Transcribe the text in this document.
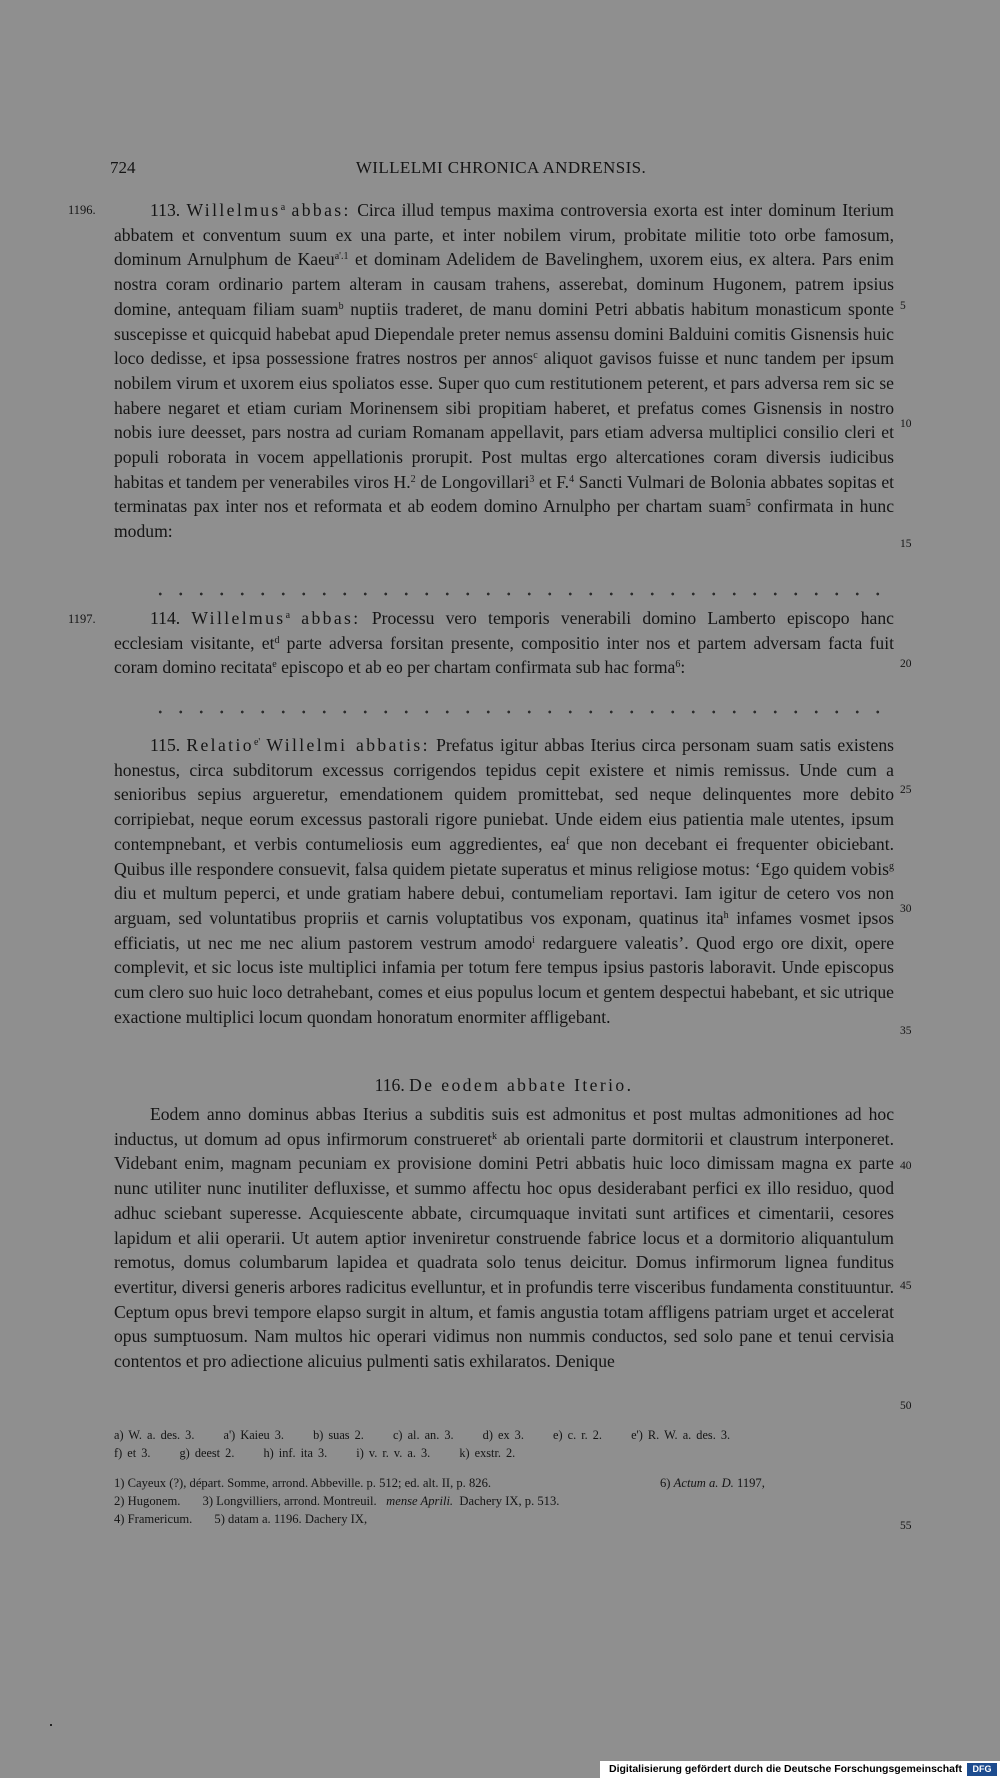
724	WILLELMI CHRONICA ANDRENSIS.
1196.
1197.
5
10
15
20
25
30
35
40
45
50
55

113. Willelmus$^a$ abbas: Circa illud tempus maxima controversia exorta est inter dominum Iterium abbatem et conventum suum ex una parte, et inter nobilem virum, probitate militie toto orbe famosum, dominum Arnulphum de Kaeu$^{a'.1}$ et dominam Adelidem de Bavelinghem, uxorem eius, ex altera. Pars enim nostra coram ordinario partem alteram in causam trahens, asserebat, dominum Hugonem, patrem ipsius domine, antequam filiam suam$^b$ nuptiis traderet, de manu domini Petri abbatis habitum monasticum sponte suscepisse et quicquid habebat apud Diependale preter nemus assensu domini Balduini comitis Gisnensis huic loco dedisse, et ipsa possessione fratres nostros per annos$^c$ aliquot gavisos fuisse et nunc tandem per ipsum nobilem virum et uxorem eius spoliatos esse. Super quo cum restitutionem peterent, et pars adversa rem sic se habere negaret et etiam curiam Morinensem sibi propitiam haberet, et prefatus comes Gisnensis in nostro nobis iure deesset, pars nostra ad curiam Romanam appellavit, pars etiam adversa multiplici consilio cleri et populi roborata in vocem appellationis prorupit. Post multas ergo altercationes coram diversis iudicibus habitas et tandem per venerabiles viros H.$^2$ de Longovillari$^3$ et F.$^4$ Sancti Vulmari de Bolonia abbates sopitas et terminatas pax inter nos et reformata et ab eodem domino Arnulpho per chartam suam$^5$ confirmata in hunc modum:

114. Willelmus$^a$ abbas: Processu vero temporis venerabili domino Lamberto episcopo hanc ecclesiam visitante, $et^d$ parte adversa forsitan presente, compositio inter nos et partem adversam facta fuit coram domino recitata$^e$ episcopo et ab eo per chartam confirmata sub hac forma$^6$:

115. Relatio$^{e'}$ Willelmi abbatis: Prefatus igitur abbas Iterius circa personam suam satis existens honestus, circa subditorum excessus corrigendos tepidus cepit existere et nimis remissus. Unde cum a senioribus sepius argueretur, emendationem quidem promittebat, sed neque delinquentes more debito corripiebat, neque eorum excessus pastorali rigore puniebat. Unde eidem eius patientia male utentes, ipsum contempnebant, et verbis contumeliosis eum aggredientes, $ea^f$ que non decebant ei frequenter obiciebant. Quibus ille respondere consuevit, falsa quidem pietate superatus et minus religiose motus: ‘Ego quidem vobis$^g$ diu et multum peperci, et unde gratiam habere debui, contumeliam reportavi. Iam igitur de cetero vos non arguam, sed voluntatibus propriis et carnis voluptatibus vos exponam, quatinus ita$^h$ infames vosmet ipsos efficiatis, ut nec me nec alium pastorem vestrum amodo$^i$ redarguere valeatis’. Quod ergo ore dixit, opere complevit, et sic locus iste multiplici infamia per totum fere tempus ipsius pastoris laboravit. Unde episcopus cum clero suo huic loco detrahebant, comes et eius populus locum et gentem despectui habebant, et sic utrique exactione multiplici locum quondam honoratum enormiter affligebant.

116. De eodem abbate Iterio.

Eodem anno dominus abbas Iterius a subditis suis est admonitus et post multas admonitiones ad hoc inductus, ut domum ad opus infirmorum construeret$^k$ ab orientali parte dormitorii et claustrum interponeret. Videbant enim, magnam pecuniam ex provisione domini Petri abbatis huic loco dimissam magna ex parte nunc utiliter nunc inutiliter defluxisse, et summo affectu hoc opus desiderabant perfici ex illo residuo, quod adhuc sciebant superesse. Acquiescente abbate, circumquaque invitati sunt artifices et cimentarii, cesores lapidum et alii operarii. Ut autem aptior inveniretur construende fabrice locus et a dormitorio aliquantulum remotus, domus columbarum lapidea et quadrata solo tenus deicitur. Domus infirmorum lignea funditus evertitur, diversi generis arbores radicitus evelluntur, et in profundis terre visceribus fundamenta constituuntur. Ceptum opus brevi tempore elapso surgit in altum, et famis angustia totam affligens patriam urget et accelerat opus sumptuosum. Nam multos hic operari vidimus non nummis conductos, sed solo pane et tenui cervisia contentos et pro adiectione alicuius pulmenti satis exhilaratos. Denique

a) W. a. des. 3. a') Kaieu 3. b) suas 2. c) al. an. 3. d) ex 3. e) c. r. 2. e') R. W. a. des. 3.
f) et 3. g) deest 2. h) inf. ita 3. i) v. r. v. a. 3. k) exstr. 2.
1) Cayeux (?), départ. Somme, arrond. Abbeville. p. 512; ed. alt. II, p. 826.
2) Hugonem. 3) Longvilliers, arrond. Montreuil. mense Aprili. Dachery IX, p. 513.
4) Framericum. 5) datam a. 1196. Dachery IX,
6) Actum a. D. 1197,
Digitalisierung gefördert durch die Deutsche Forschungsgemeinschaft	DFG
